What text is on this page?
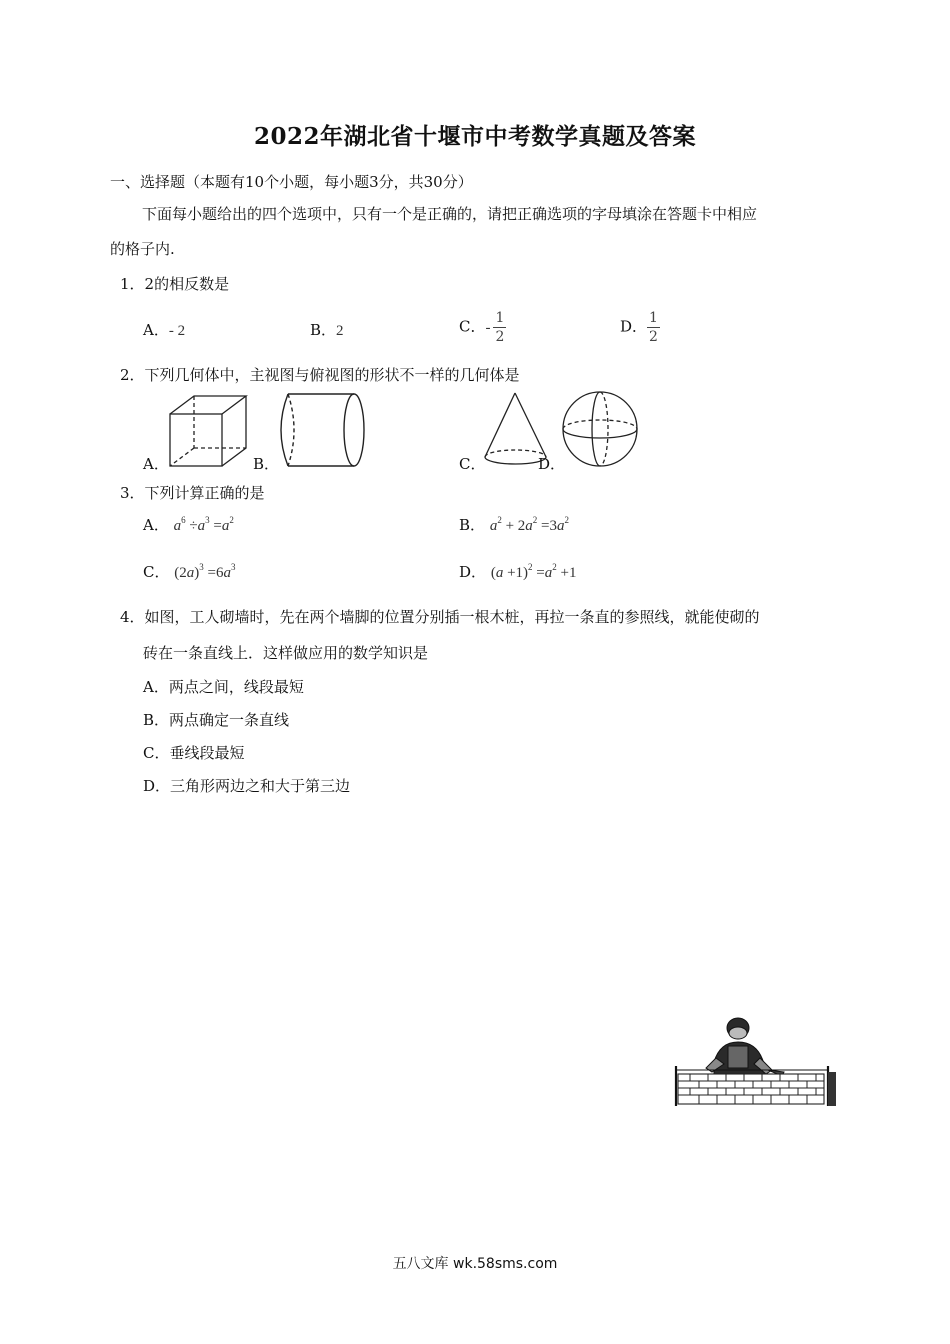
2022年湖北省十堰市中考数学真题及答案
一、选择题（本题有10个小题，每小题3分，共30分）
下面每小题给出的四个选项中，只有一个是正确的，请把正确选项的字母填涂在答题卡中相应
的格子内.
1．2的相反数是
A．- 2	B．2	C．- $\frac{1}{2}$	D． $\frac{1}{2}$
2．下列几何体中，主视图与俯视图的形状不一样的几何体是
A．	B．	C．	D．
3．下列计算正确的是
A． $a^6 \div a^3 =a^2$	B． $a^2 + 2a^2 =3a^2$
C． $(2a)^3 =6a^3$	D． $(a +1)^2 =a^2 +1$
4．如图，工人砌墙时，先在两个墙脚的位置分别插一根木桩，再拉一条直的参照线，就能使砌的
砖在一条直线上．这样做应用的数学知识是
A．两点之间，线段最短
B．两点确定一条直线
C．垂线段最短
D．三角形两边之和大于第三边
五八文库 wk.58sms.com
